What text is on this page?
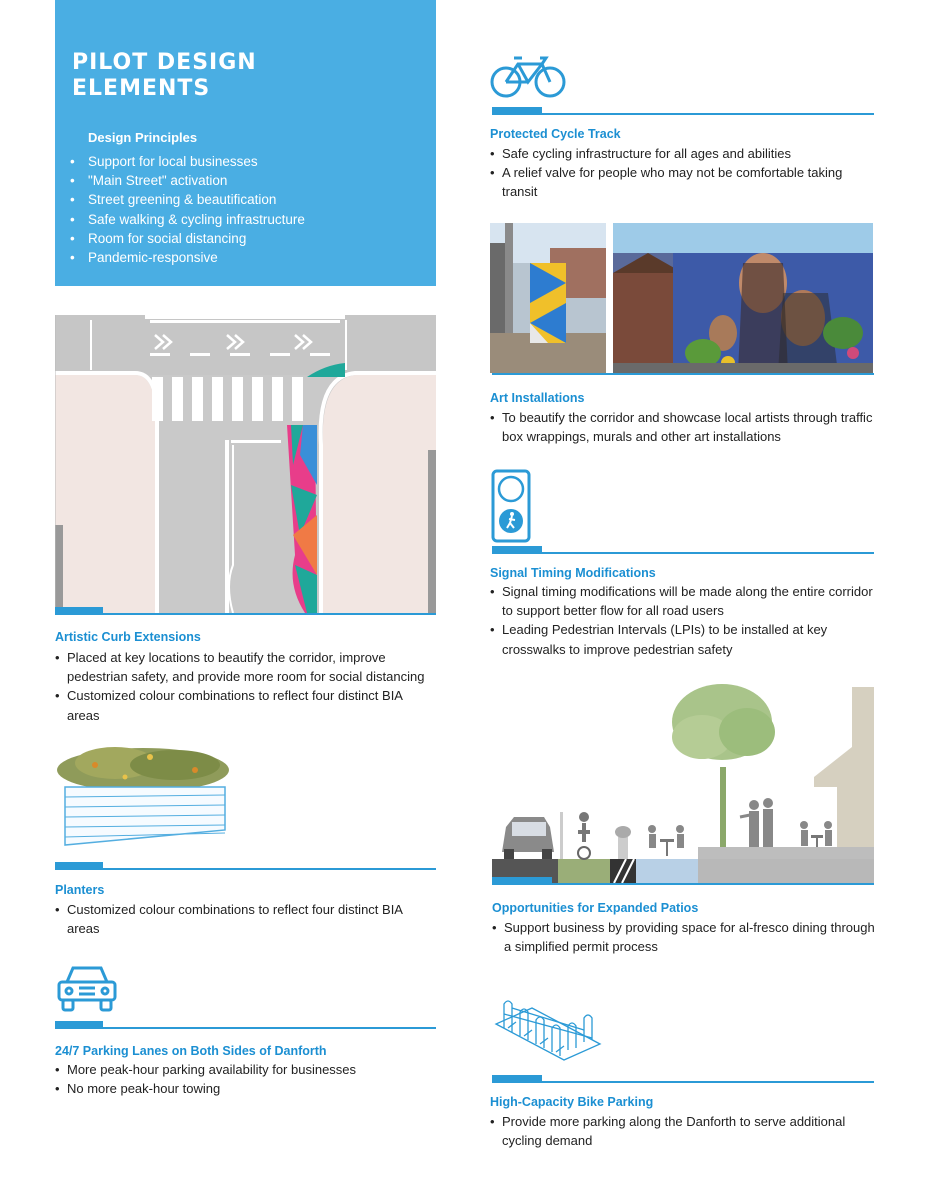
PILOT DESIGN
ELEMENTS
Design Principles
• Support for local businesses
• "Main Street" activation
• Street greening & beautification
• Safe walking & cycling infrastructure
• Room for social distancing
• Pandemic-responsive
Artistic Curb Extensions
• Placed at key locations to beautify the corridor, improve pedestrian safety, and provide more room for social distancing
• Customized colour combinations to reflect four distinct BIA areas
Planters
• Customized colour combinations to reflect four distinct BIA areas
24/7 Parking Lanes on Both Sides of Danforth
• More peak-hour parking availability for businesses
• No more peak-hour towing
Protected Cycle Track
• Safe cycling infrastructure for all ages and abilities
• A relief valve for people who may not be comfortable taking transit
Art Installations
• To beautify the corridor and showcase local artists through traffic box wrappings, murals and other art installations
Signal Timing Modifications
• Signal timing modifications will be made along the entire corridor to support better flow for all road users
• Leading Pedestrian Intervals (LPIs) to be installed at key crosswalks to improve pedestrian safety
Opportunities for Expanded Patios
• Support business by providing space for al-fresco dining through a simplified permit process
High-Capacity Bike Parking
• Provide more parking along the Danforth to serve additional cycling demand
